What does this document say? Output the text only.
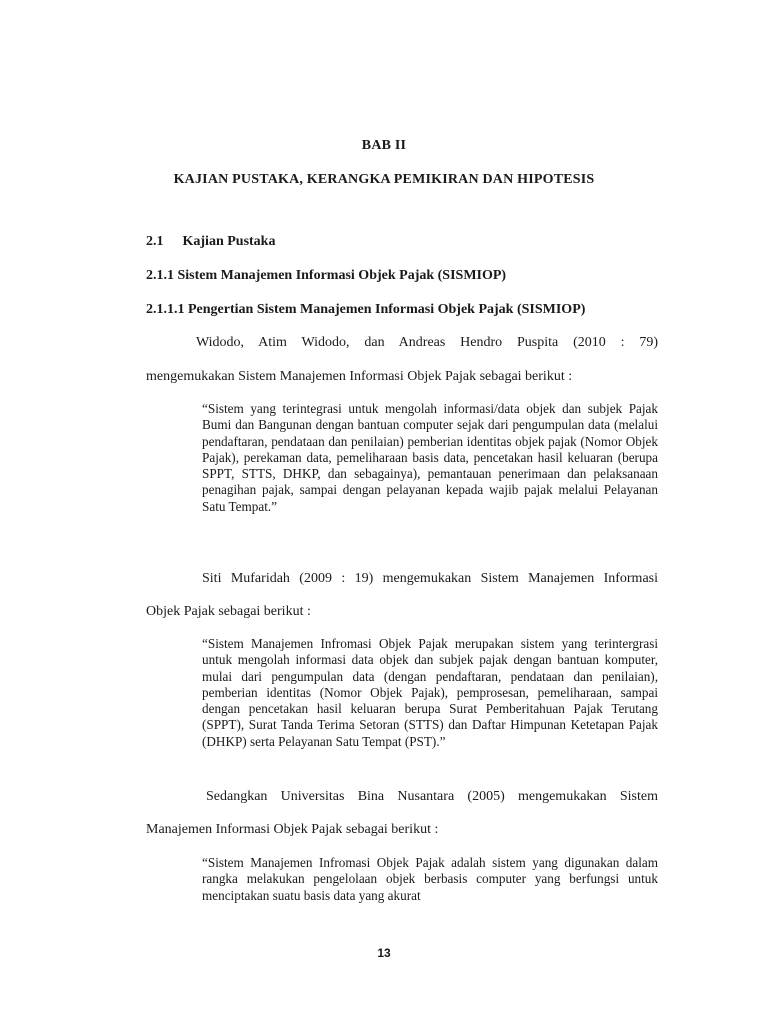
BAB II
KAJIAN PUSTAKA, KERANGKA PEMIKIRAN DAN HIPOTESIS
2.1 Kajian Pustaka
2.1.1 Sistem Manajemen Informasi Objek Pajak (SISMIOP)
2.1.1.1 Pengertian Sistem Manajemen Informasi Objek Pajak (SISMIOP)
Widodo, Atim Widodo, dan Andreas Hendro Puspita (2010 : 79)
mengemukakan Sistem Manajemen Informasi Objek Pajak sebagai berikut :
“Sistem yang terintegrasi untuk mengolah informasi/data objek dan subjek Pajak Bumi dan Bangunan dengan bantuan computer sejak dari pengumpulan data (melalui pendaftaran, pendataan dan penilaian) pemberian identitas objek pajak (Nomor Objek Pajak), perekaman data, pemeliharaan basis data, pencetakan hasil keluaran (berupa SPPT, STTS, DHKP, dan sebagainya), pemantauan penerimaan dan pelaksanaan penagihan pajak, sampai dengan pelayanan kepada wajib pajak melalui Pelayanan Satu Tempat.”
Siti Mufaridah (2009 : 19) mengemukakan Sistem Manajemen Informasi
Objek Pajak sebagai berikut :
“Sistem Manajemen Infromasi Objek Pajak merupakan sistem yang terintergrasi untuk mengolah informasi data objek dan subjek pajak dengan bantuan komputer, mulai dari pengumpulan data (dengan pendaftaran, pendataan dan penilaian), pemberian identitas (Nomor Objek Pajak), pemprosesan, pemeliharaan, sampai dengan pencetakan hasil keluaran berupa Surat Pemberitahuan Pajak Terutang (SPPT), Surat Tanda Terima Setoran (STTS) dan Daftar Himpunan Ketetapan Pajak (DHKP) serta Pelayanan Satu Tempat (PST).”
Sedangkan Universitas Bina Nusantara (2005) mengemukakan Sistem
Manajemen Informasi Objek Pajak sebagai berikut :
“Sistem Manajemen Infromasi Objek Pajak adalah sistem yang digunakan dalam rangka melakukan pengelolaan objek berbasis computer yang berfungsi untuk menciptakan suatu basis data yang akurat
13
